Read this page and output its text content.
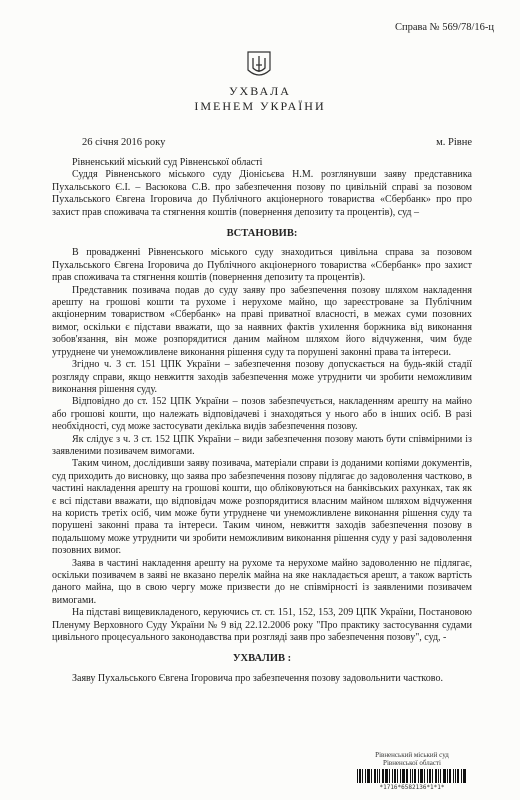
Справа № 569/78/16-ц
УХВАЛА
ІМЕНЕМ УКРАЇНИ
26 січня 2016 року	м. Рівне

Рівненський міський суд Рівненської області

Суддя Рівненського міського суду Діонісьєва Н.М. розглянувши заяву представника Пухальського Є.І. – Васюкова С.В. про забезпечення позову по цивільній справі за позовом Пухальського Євгена Ігоровича до Публічного акціонерного товариства «Сбербанк» про про захист прав споживача та стягнення коштів (повернення депозиту та процентів), суд –

ВСТАНОВИВ:

В провадженні Рівненського міського суду знаходиться цивільна справа за позовом Пухальського Євгена Ігоровича до Публічного акціонерного товариства «Сбербанк» про захист прав споживача та стягнення коштів (повернення депозиту та процентів).

Представник позивача подав до суду заяву про забезпечення позову шляхом накладення арешту на грошові кошти та рухоме і нерухоме майно, що зареєстроване за Публічним акціонерним товариством «Сбербанк» на праві приватної власності, в межах суми позовних вимог, оскільки є підстави вважати, що за наявних фактів ухилення боржника від виконання зобов'язання, він може розпорядитися даним майном шляхом його відчуження, чим буде утруднене чи унеможливлене виконання рішення суду та порушені законні права та інтереси.

Згідно ч. 3 ст. 151 ЦПК України – забезпечення позову допускається на будь-якій стадії розгляду справи, якщо невжиття заходів забезпечення може утруднити чи зробити неможливим виконання рішення суду.

Відповідно до ст. 152 ЦПК України – позов забезпечується, накладенням арешту на майно або грошові кошти, що належать відповідачеві і знаходяться у нього або в інших осіб. В разі необхідності, суд може застосувати декілька видів забезпечення позову.

Як слідує з ч. 3 ст. 152 ЦПК України – види забезпечення позову мають бути співмірними із заявленими позивачем вимогами.

Таким чином, дослідивши заяву позивача, матеріали справи із доданими копіями документів, суд приходить до висновку, що заява про забезпечення позову підлягає до задоволення частково, в частині накладення арешту на грошові кошти, що обліковуються на банківських рахунках, так як є всі підстави вважати, що відповідач може розпорядитися власним майном шляхом відчуження на користь третіх осіб, чим може бути утруднене чи унеможливлене виконання рішення суду та порушені законні права та інтереси. Таким чином, невжиття заходів забезпечення позову в подальшому може утруднити чи зробити неможливим виконання рішення суду у разі задоволення позовних вимог.

Заява в частині накладення арешту на рухоме та нерухоме майно задоволенню не підлягає, оскільки позивачем в заяві не вказано перелік майна на яке накладається арешт, а також вартість даного майна, що в свою чергу може призвести до не співмірності із заявленими позивачем вимогами.

На підставі вищевикладеного, керуючись ст. ст. 151, 152, 153, 209 ЦПК України, Постановою Пленуму Верховного Суду України № 9 від 22.12.2006 року "Про практику застосування судами цивільного процесуального законодавства при розгляді заяв про забезпечення позову", суд, -

УХВАЛИВ :

Заяву Пухальського Євгена Ігоровича про забезпечення позову задовольнити частково.

Рівненський міський суд
Рівненської області
*1716*6582136*1*1*
